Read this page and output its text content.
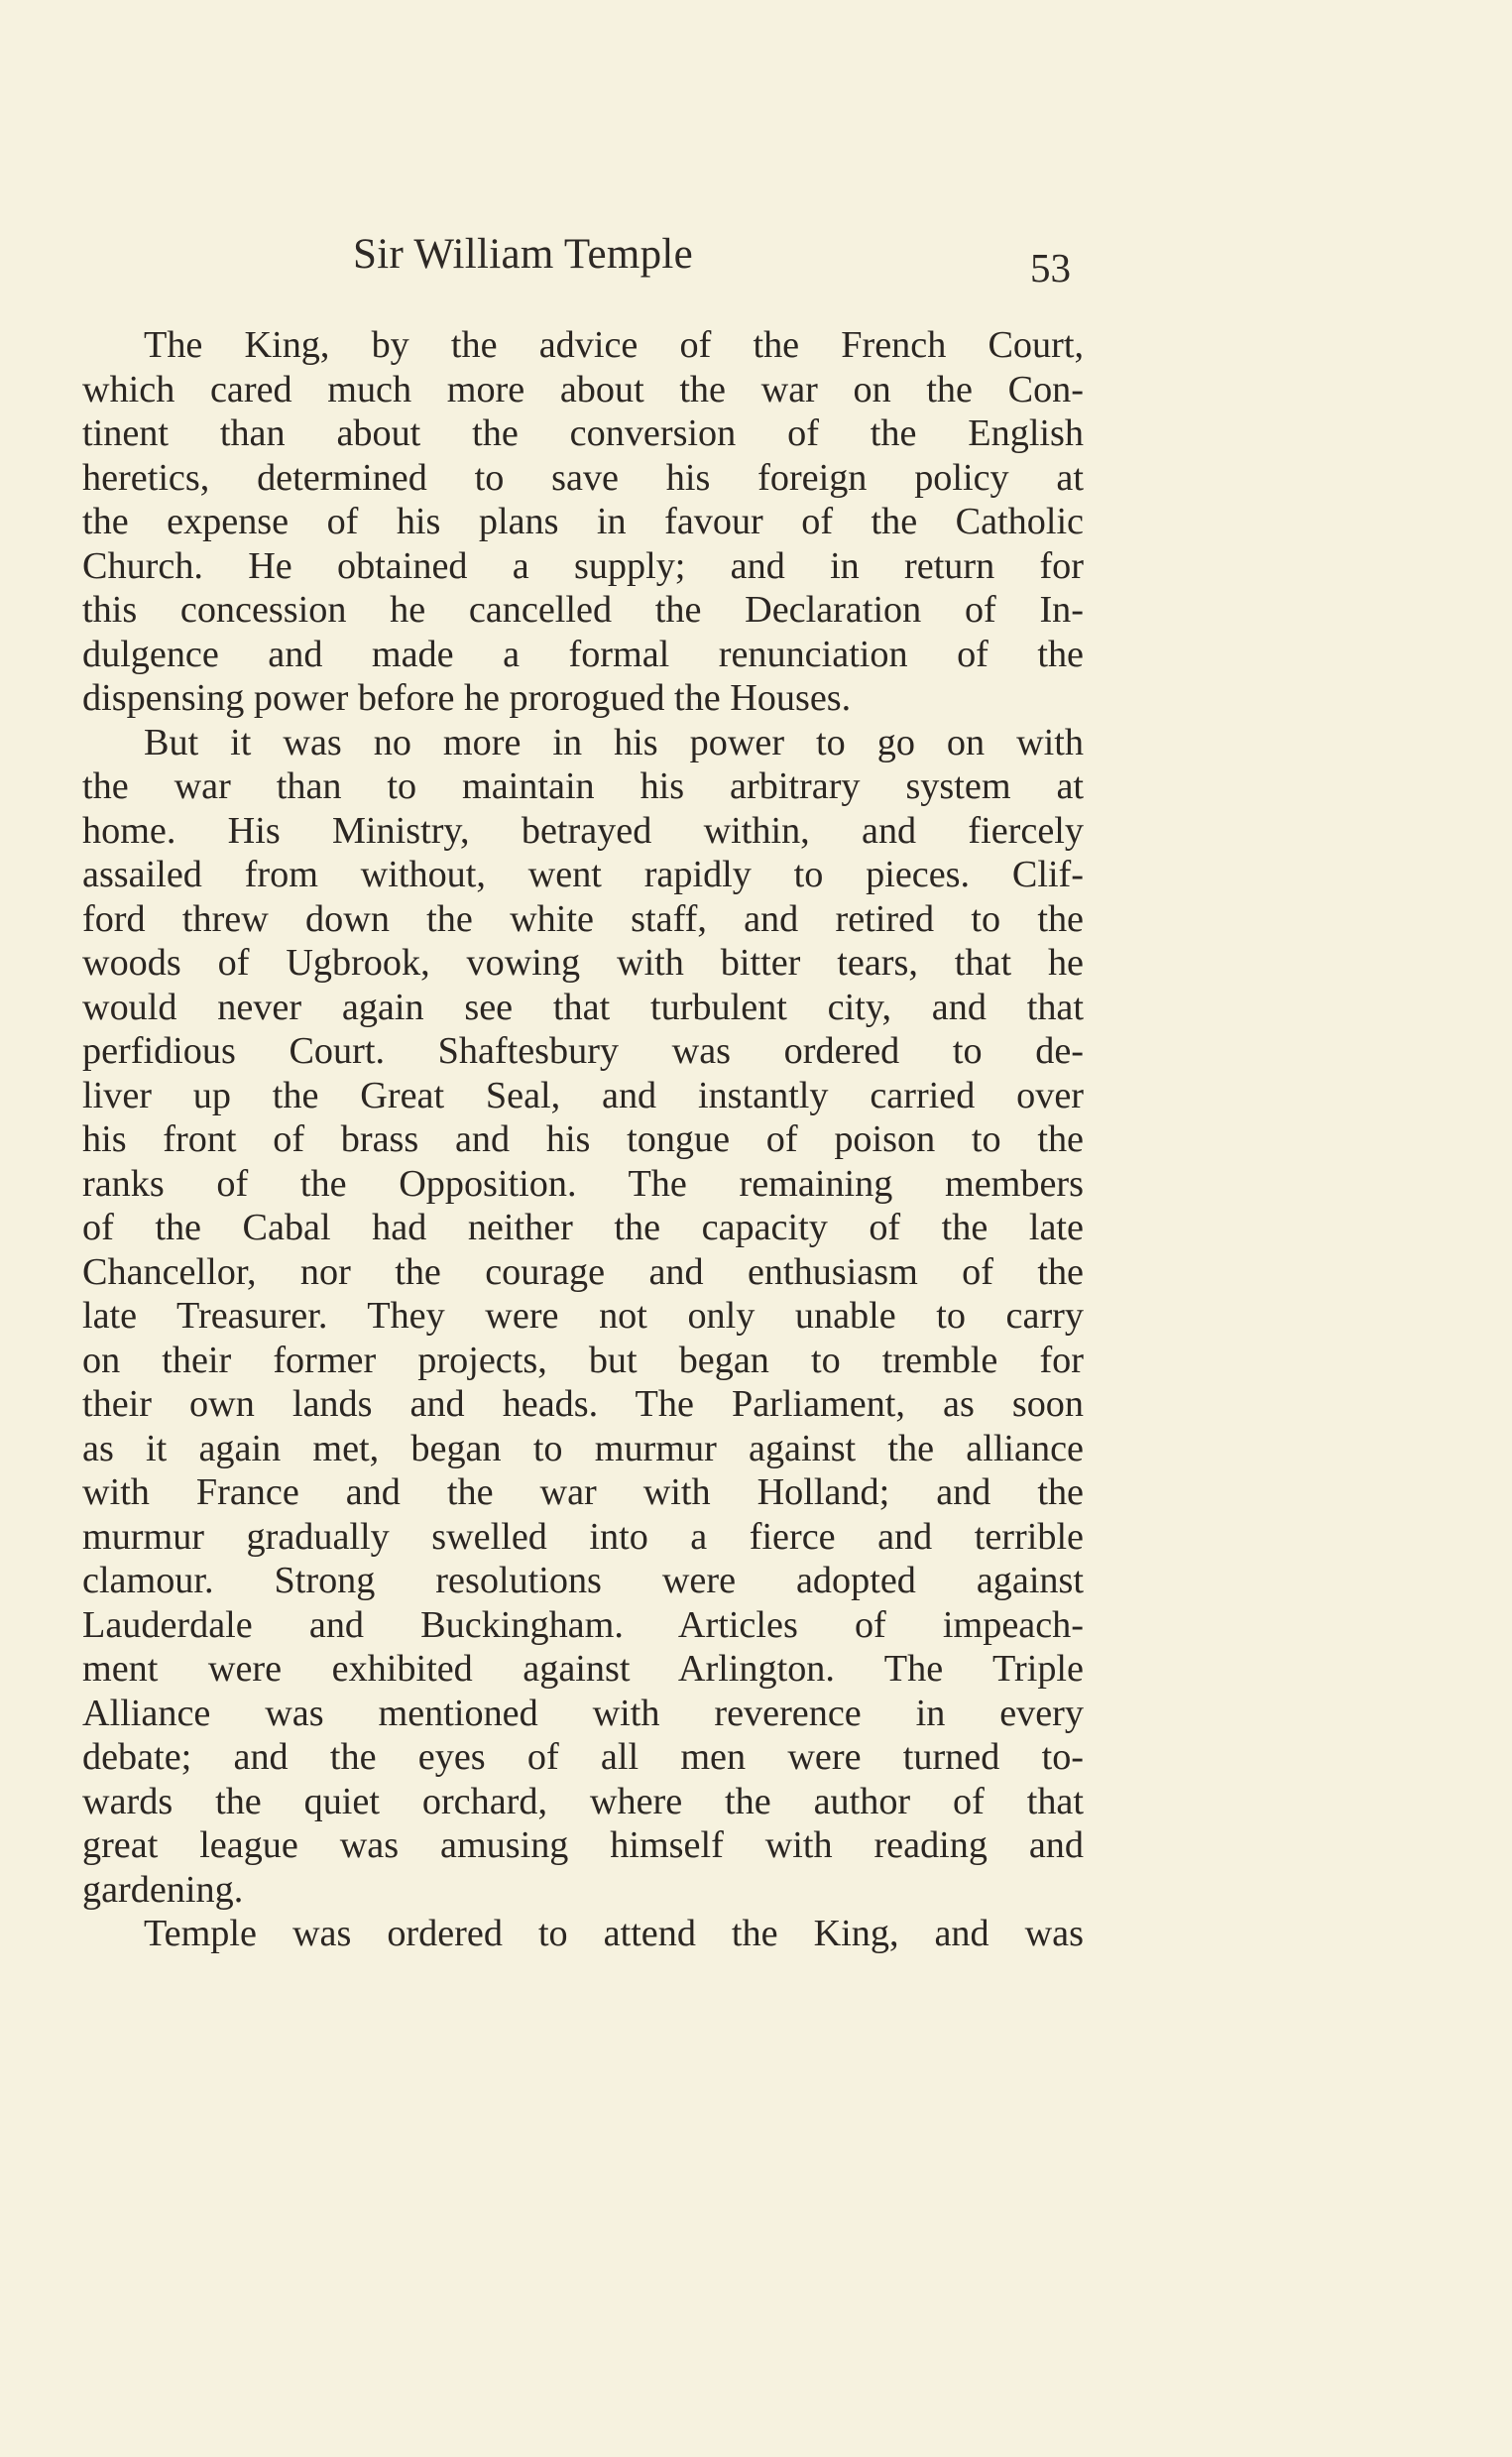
Sir William Temple	53
The King, by the advice of the French Court,
which cared much more about the war on the Con-
tinent than about the conversion of the English
heretics, determined to save his foreign policy at
the expense of his plans in favour of the Catholic
Church. He obtained a supply; and in return for
this concession he cancelled the Declaration of In-
dulgence and made a formal renunciation of the
dispensing power before he prorogued the Houses.
But it was no more in his power to go on with
the war than to maintain his arbitrary system at
home. His Ministry, betrayed within, and fiercely
assailed from without, went rapidly to pieces. Clif-
ford threw down the white staff, and retired to the
woods of Ugbrook, vowing with bitter tears, that he
would never again see that turbulent city, and that
perfidious Court. Shaftesbury was ordered to de-
liver up the Great Seal, and instantly carried over
his front of brass and his tongue of poison to the
ranks of the Opposition. The remaining members
of the Cabal had neither the capacity of the late
Chancellor, nor the courage and enthusiasm of the
late Treasurer. They were not only unable to carry
on their former projects, but began to tremble for
their own lands and heads. The Parliament, as soon
as it again met, began to murmur against the alliance
with France and the war with Holland; and the
murmur gradually swelled into a fierce and terrible
clamour. Strong resolutions were adopted against
Lauderdale and Buckingham. Articles of impeach-
ment were exhibited against Arlington. The Triple
Alliance was mentioned with reverence in every
debate; and the eyes of all men were turned to-
wards the quiet orchard, where the author of that
great league was amusing himself with reading and
gardening.
Temple was ordered to attend the King, and was
